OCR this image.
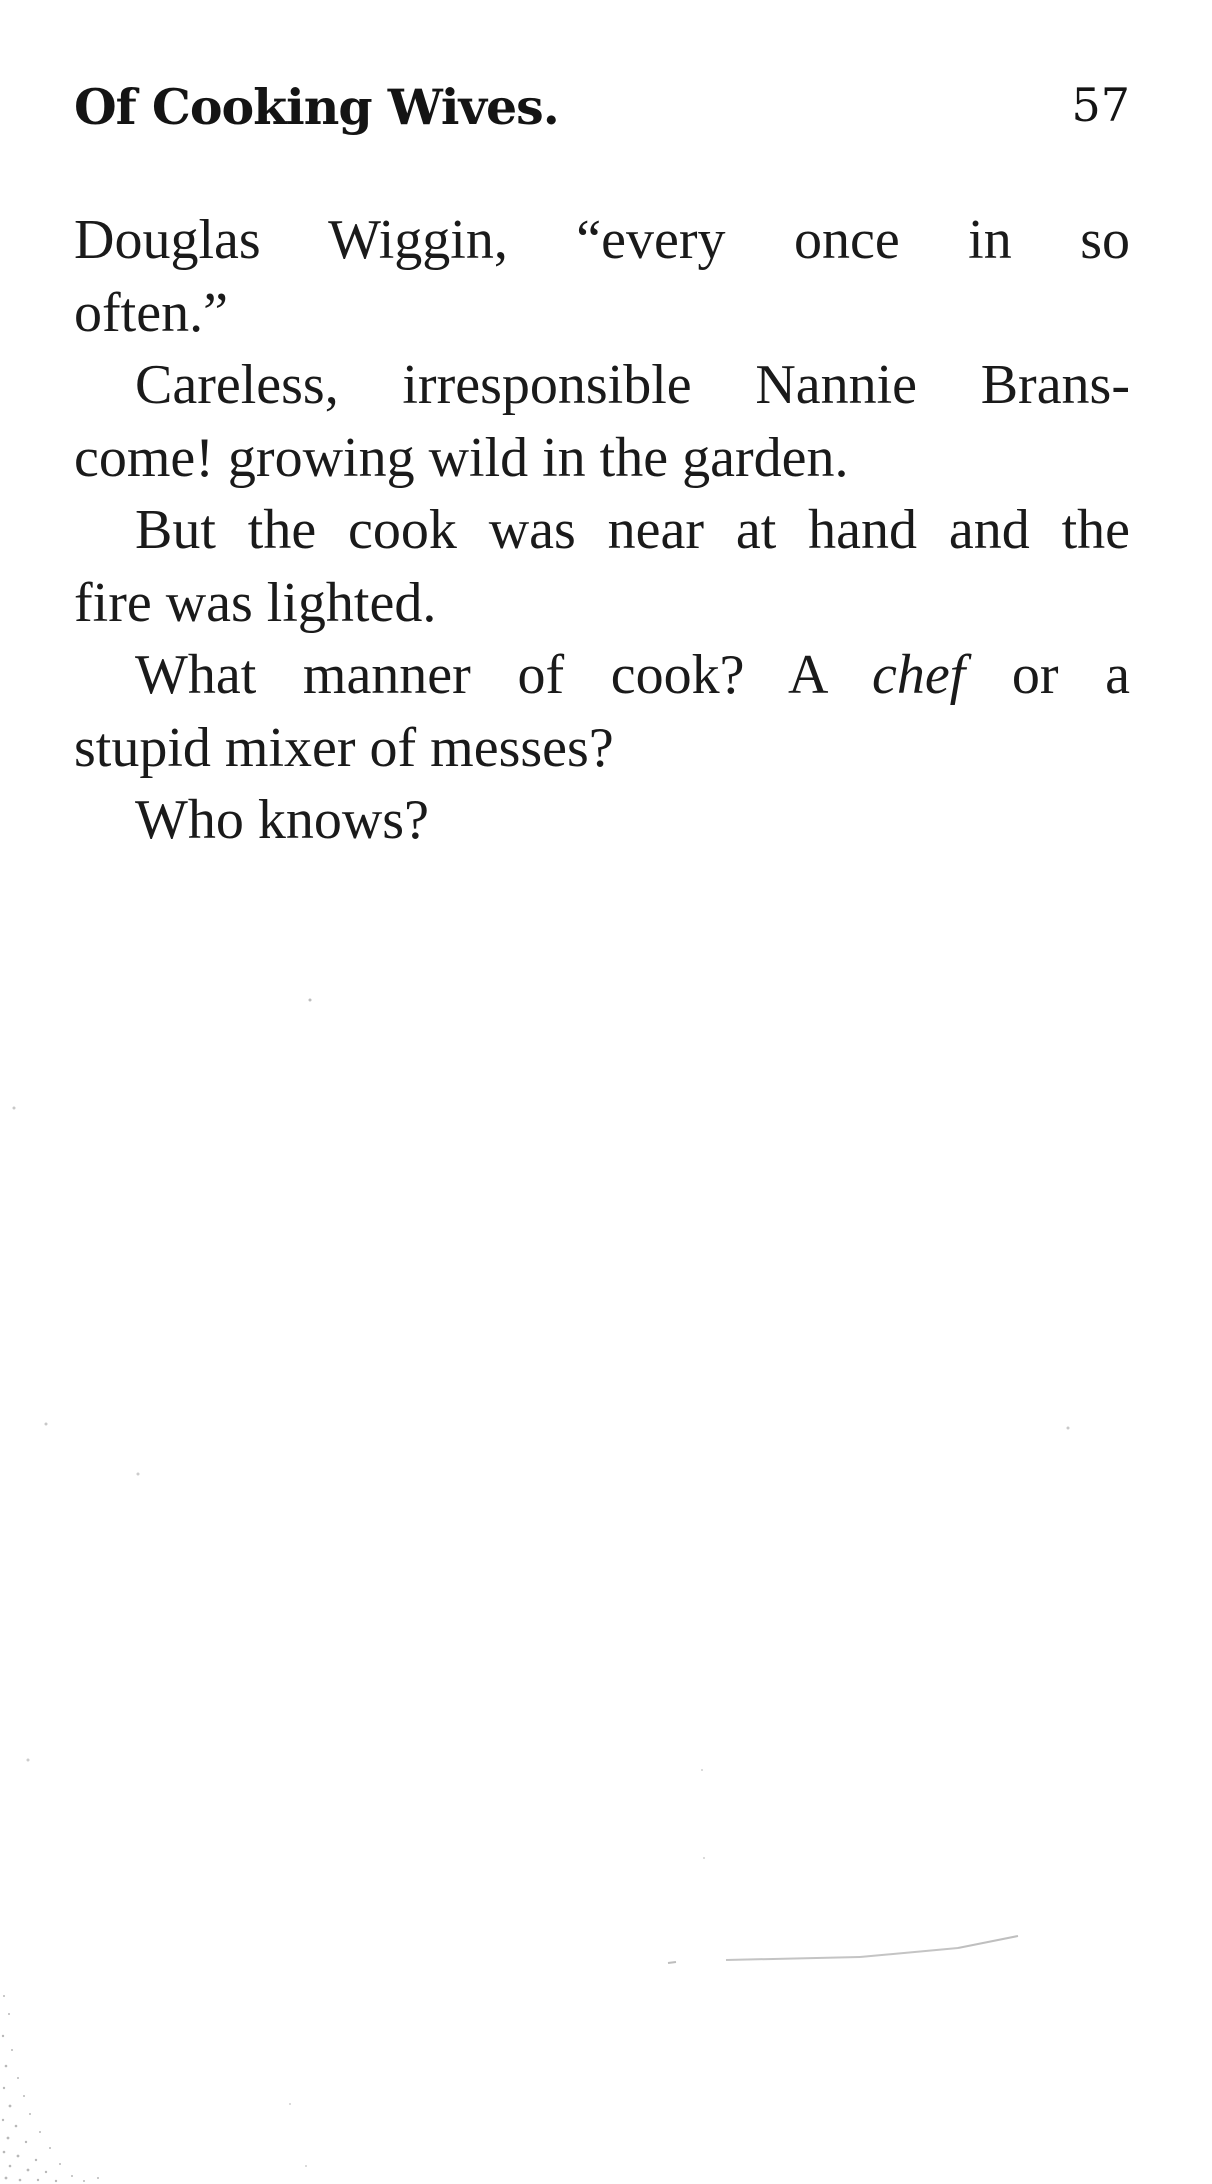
Of Cooking Wives.	57
Douglas Wiggin, “every once in so
often.”
Careless, irresponsible Nannie Brans-
come! growing wild in the garden.
But the cook was near at hand and the
fire was lighted.
What manner of cook? A chef or a
stupid mixer of messes?
Who knows?
